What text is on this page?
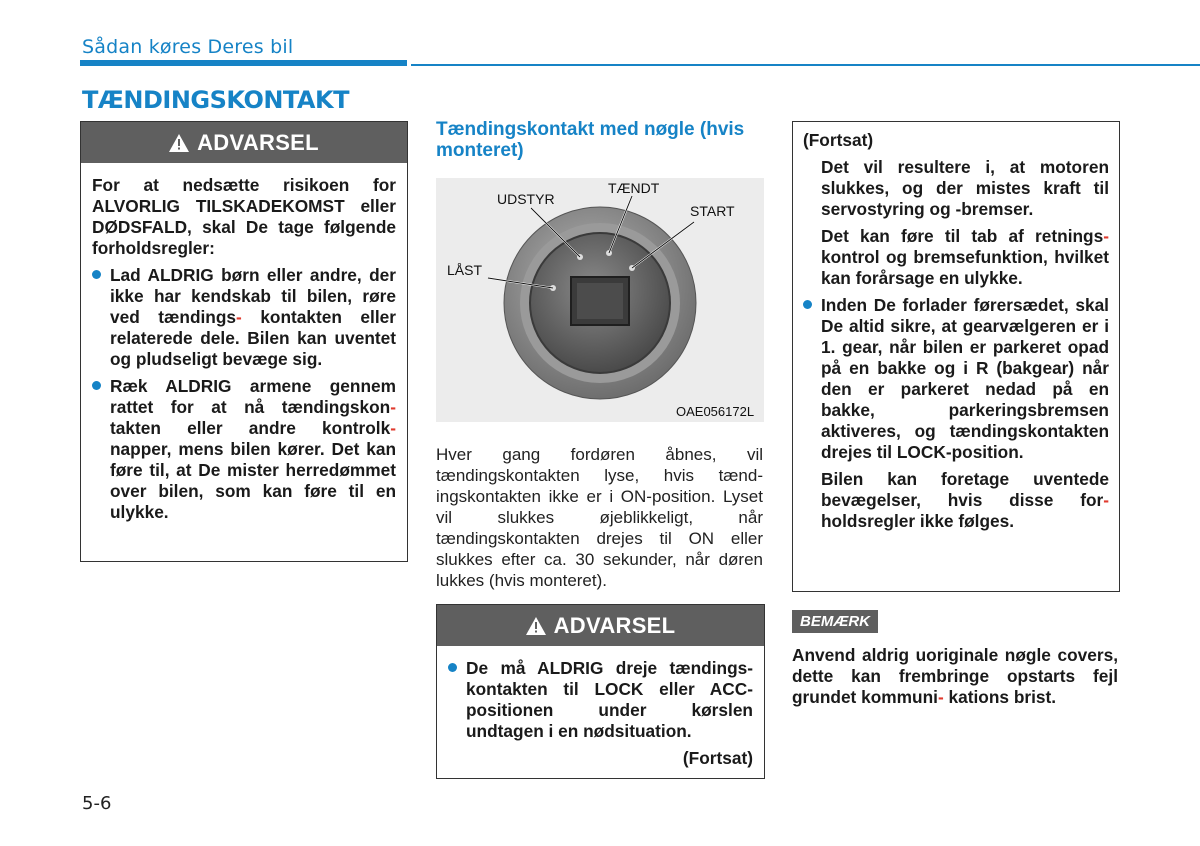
Sådan køres Deres bil
TÆNDINGSKONTAKT
ADVARSEL
For at nedsætte risikoen for ALVORLIG TILSKADEKOMST eller DØDSFALD, skal De tage følgende forholdsregler:
Lad ALDRIG børn eller andre, der ikke har kendskab til bilen, røre ved tændings- kontakten eller relaterede dele. Bilen kan uventet og pludseligt bevæge sig.
Ræk ALDRIG armene gennem rattet for at nå tændingskon- takten eller andre kontrolk- napper, mens bilen kører. Det kan føre til, at De mister herredømmet over bilen, som kan føre til en ulykke.
Tændingskontakt med nøgle (hvis monteret)
LÅST
UDSTYR
TÆNDT
START
OAE056172L
Hver gang fordøren åbnes, vil tændingskontakten lyse, hvis tænd-ingskontakten ikke er i ON-position. Lyset vil slukkes øjeblikkeligt, når tændingskontakten drejes til ON eller slukkes efter ca. 30 sekunder, når døren lukkes (hvis monteret).
ADVARSEL
De må ALDRIG dreje tændings-kontakten til LOCK eller ACC-positionen under kørslen undtagen i en nødsituation.
(Fortsat)
(Fortsat)
Det vil resultere i, at motoren slukkes, og der mistes kraft til servostyring og -bremser.
Det kan føre til tab af retnings- kontrol og bremsefunktion, hvilket kan forårsage en ulykke.
Inden De forlader førersædet, skal De altid sikre, at gearvælgeren er i 1. gear, når bilen er parkeret opad på en bakke og i R (bakgear) når den er parkeret nedad på en bakke, parkeringsbremsen aktiveres, og tændingskontakten drejes til LOCK-position.
Bilen kan foretage uventede bevægelser, hvis disse for- holdsregler ikke følges.
BEMÆRK
Anvend aldrig uoriginale nøgle covers, dette kan frembringe opstarts fejl grundet kommuni- kations brist.
5-6
